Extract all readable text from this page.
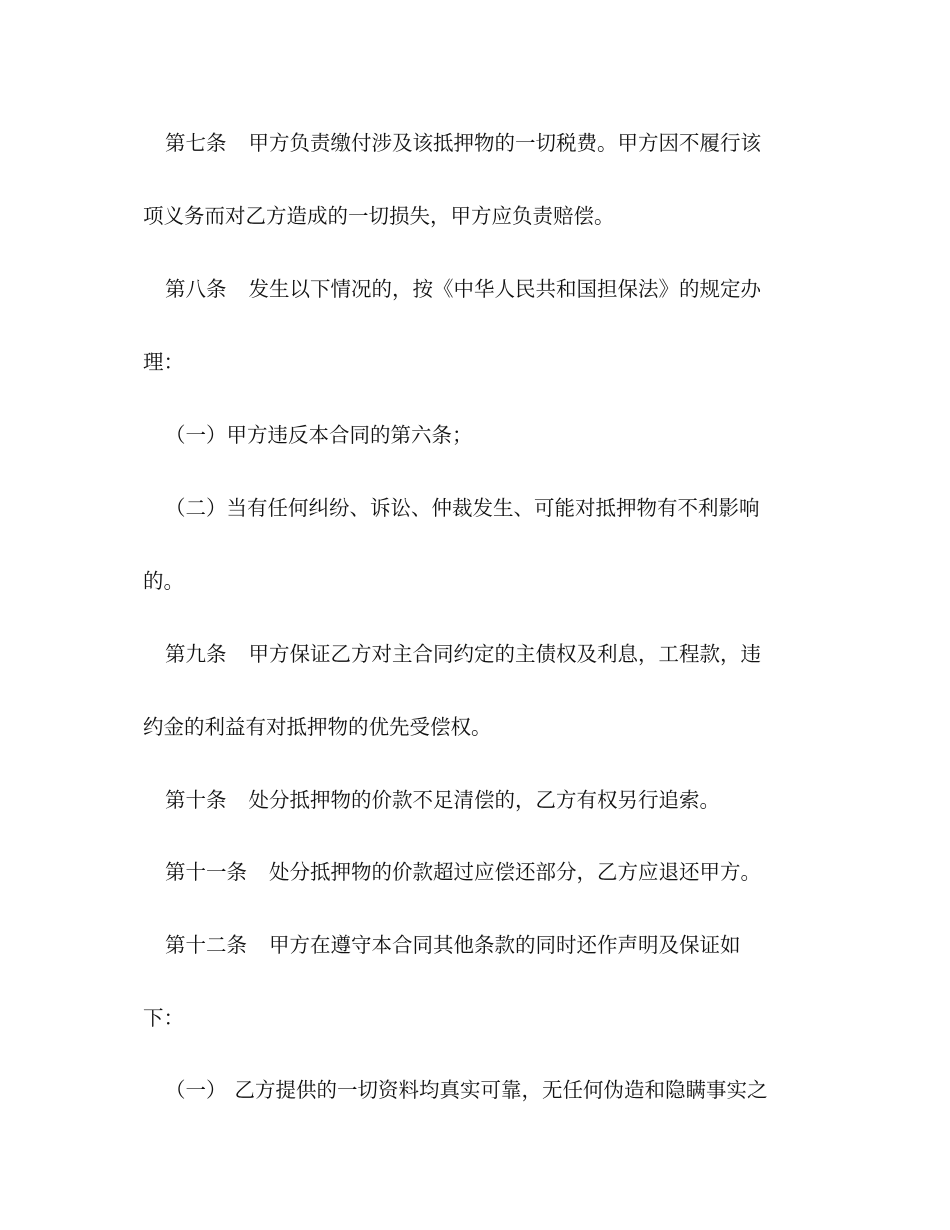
第七条 甲方负责缴付涉及该抵押物的一切税费。甲方因不履行该
项义务而对乙方造成的一切损失，甲方应负责赔偿。
第八条 发生以下情况的，按《中华人民共和国担保法》的规定办
理：
（一）甲方违反本合同的第六条；
（二）当有任何纠纷、诉讼、仲裁发生、可能对抵押物有不利影响
的。
第九条 甲方保证乙方对主合同约定的主债权及利息，工程款，违
约金的利益有对抵押物的优先受偿权。
第十条 处分抵押物的价款不足清偿的，乙方有权另行追索。
第十一条 处分抵押物的价款超过应偿还部分，乙方应退还甲方。
第十二条 甲方在遵守本合同其他条款的同时还作声明及保证如
下：
（一） 乙方提供的一切资料均真实可靠，无任何伪造和隐瞒事实之
